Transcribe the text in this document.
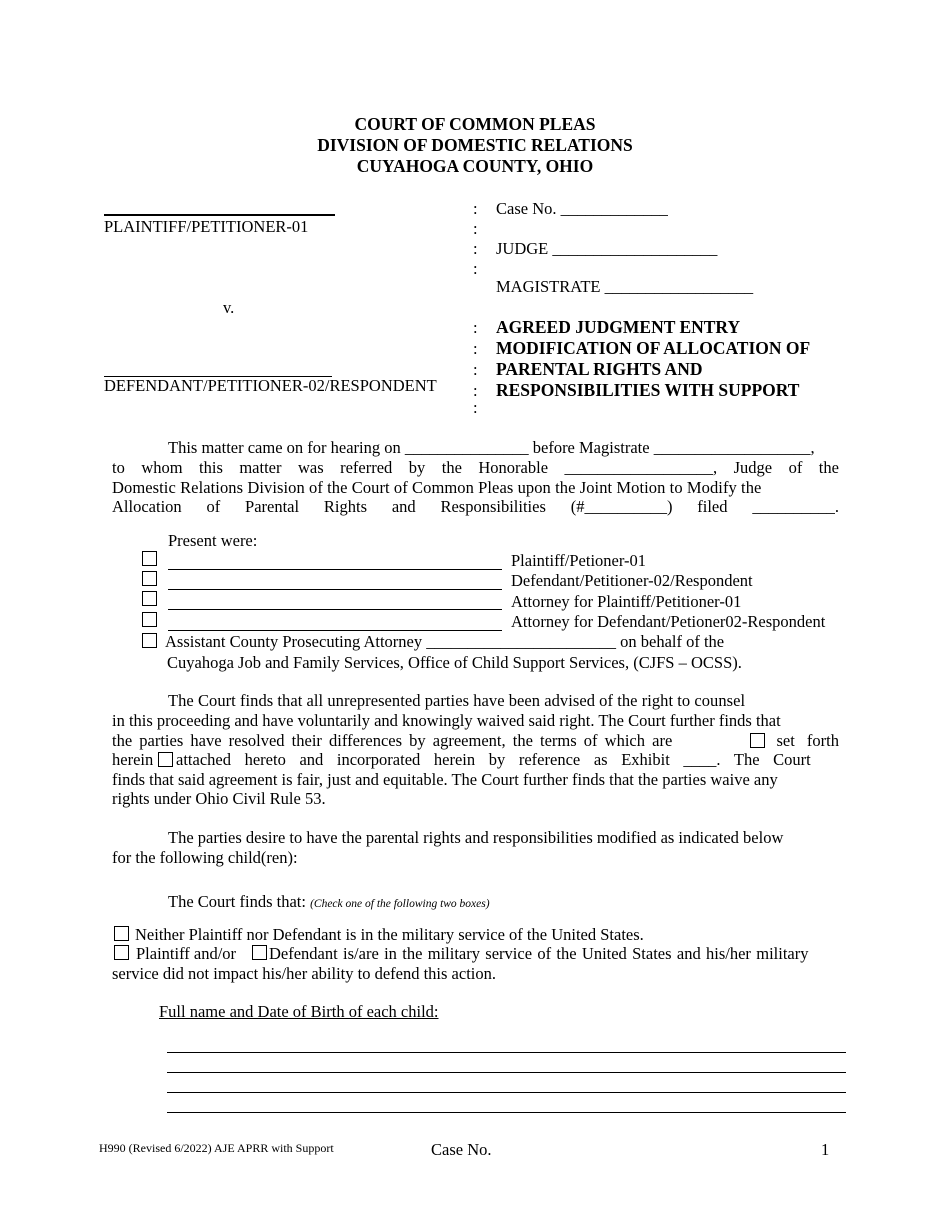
COURT OF COMMON PLEAS
DIVISION OF DOMESTIC RELATIONS
CUYAHOGA COUNTY, OHIO
PLAINTIFF/PETITIONER-01
v.
DEFENDANT/PETITIONER-02/RESPONDENT
:
:
:
:
:
:
:
:
:
Case No. _____________
JUDGE ____________________
MAGISTRATE __________________
AGREED JUDGMENT ENTRY
MODIFICATION OF ALLOCATION OF
PARENTAL RIGHTS AND
RESPONSIBILITIES WITH SUPPORT
This matter came on for hearing on _______________ before Magistrate ___________________,
to whom this matter was referred by the Honorable __________________, Judge of the
Domestic Relations Division of the Court of Common Pleas upon the Joint Motion to Modify the
Allocation of Parental Rights and Responsibilities (#__________) filed __________.
Present were:
Plaintiff/Petioner-01
Defendant/Petitioner-02/Respondent
Attorney for Plaintiff/Petitioner-01
Attorney for Defendant/Petioner02-Respondent
Assistant County Prosecuting Attorney _______________________ on behalf of the
Cuyahoga Job and Family Services, Office of Child Support Services, (CJFS – OCSS).
The Court finds that all unrepresented parties have been advised of the right to counsel
in this proceeding and have voluntarily and knowingly waived said right. The Court further finds that
the parties have resolved their differences by agreement, the terms of which are	set forth
herein attached hereto and incorporated herein by reference as Exhibit ____. The Court
finds that said agreement is fair, just and equitable. The Court further finds that the parties waive any
rights under Ohio Civil Rule 53.
The parties desire to have the parental rights and responsibilities modified as indicated below
for the following child(ren):
The Court finds that: (Check one of the following two boxes)
Neither Plaintiff nor Defendant is in the military service of the United States.
Plaintiff and/or Defendant is/are in the military service of the United States and his/her military
service did not impact his/her ability to defend this action.
Full name and Date of Birth of each child:
H990 (Revised 6/2022) AJE APRR with Support	Case No.	1
